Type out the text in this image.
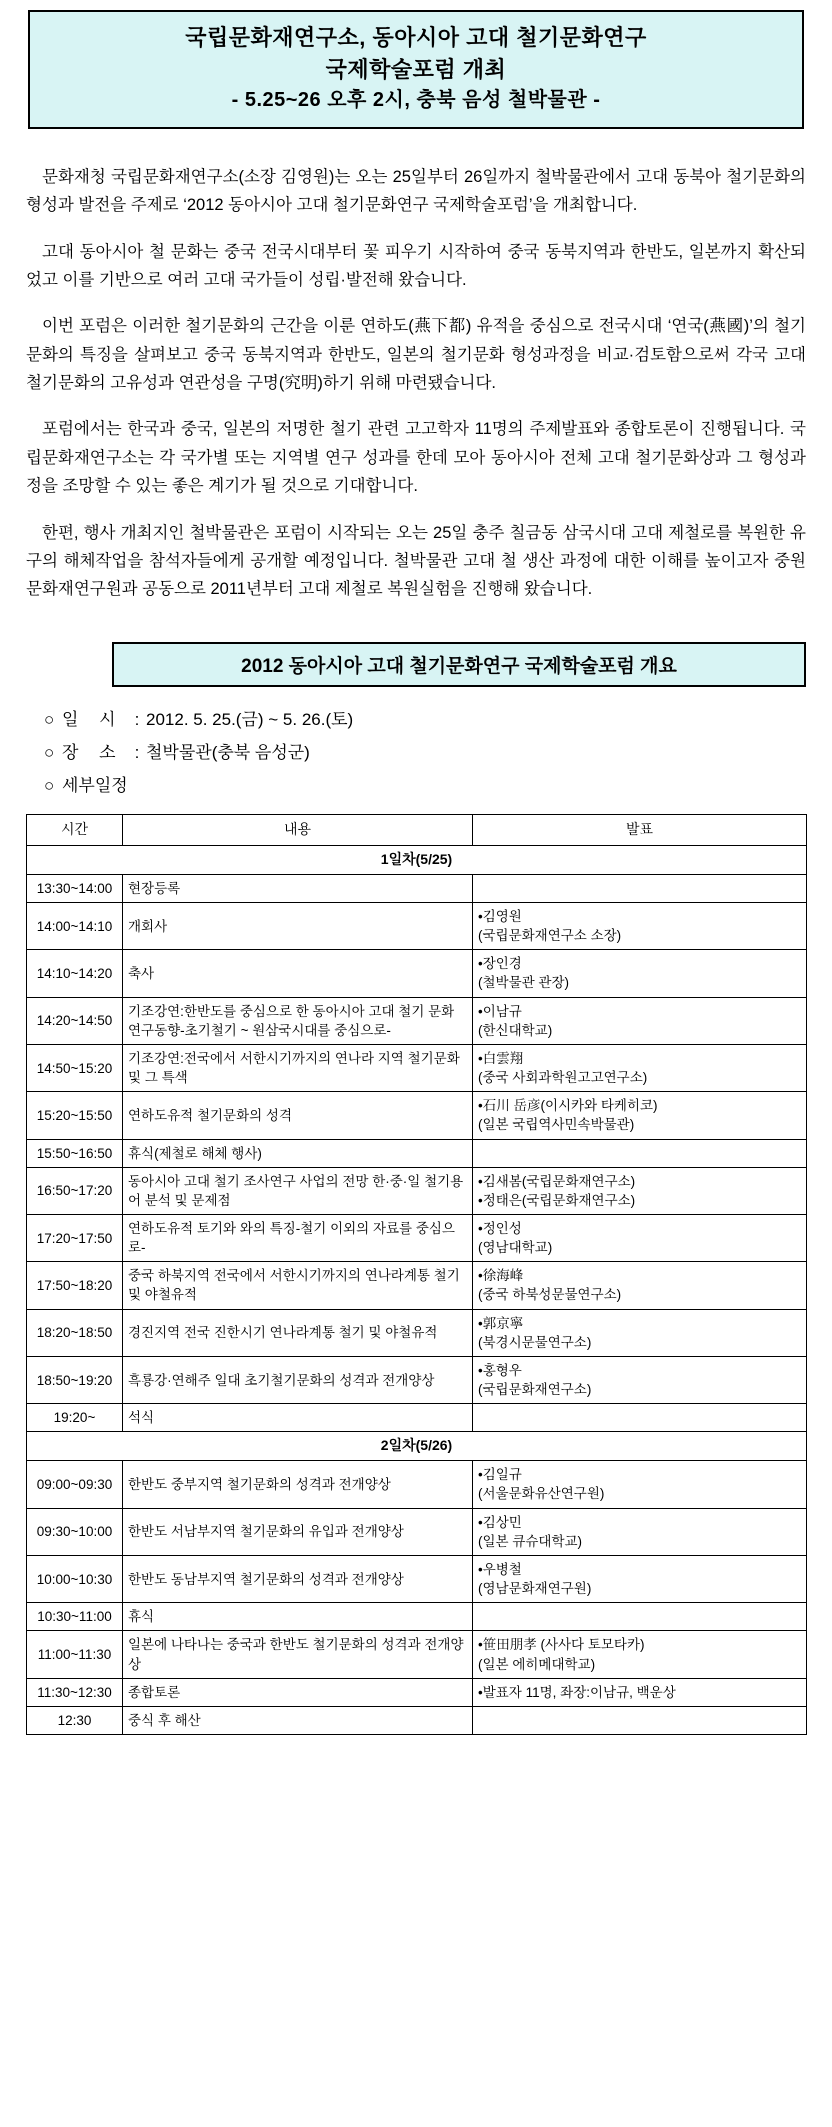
국립문화재연구소, 동아시아 고대 철기문화연구
국제학술포럼 개최
- 5.25~26 오후 2시, 충북 음성 철박물관 -

문화재청 국립문화재연구소(소장 김영원)는 오는 25일부터 26일까지 철박물관에서 고대 동북아 철기문화의 형성과 발전을 주제로 ‘2012 동아시아 고대 철기문화연구 국제학술포럼’을 개최합니다.

고대 동아시아 철 문화는 중국 전국시대부터 꽃 피우기 시작하여 중국 동북지역과 한반도, 일본까지 확산되었고 이를 기반으로 여러 고대 국가들이 성립·발전해 왔습니다.

이번 포럼은 이러한 철기문화의 근간을 이룬 연하도(燕下都) 유적을 중심으로 전국시대 ‘연국(燕國)’의 철기문화의 특징을 살펴보고 중국 동북지역과 한반도, 일본의 철기문화 형성과정을 비교·검토함으로써 각국 고대 철기문화의 고유성과 연관성을 구명(究明)하기 위해 마련됐습니다.

포럼에서는 한국과 중국, 일본의 저명한 철기 관련 고고학자 11명의 주제발표와 종합토론이 진행됩니다. 국립문화재연구소는 각 국가별 또는 지역별 연구 성과를 한데 모아 동아시아 전체 고대 철기문화상과 그 형성과정을 조망할 수 있는 좋은 계기가 될 것으로 기대합니다.

한편, 행사 개최지인 철박물관은 포럼이 시작되는 오는 25일 충주 칠금동 삼국시대 고대 제철로를 복원한 유구의 해체작업을 참석자들에게 공개할 예정입니다. 철박물관 고대 철 생산 과정에 대한 이해를 높이고자 중원문화재연구원과 공동으로 2011년부터 고대 제철로 복원실험을 진행해 왔습니다.

2012 동아시아 고대 철기문화연구 국제학술포럼 개요
○ 일 시 : 2012. 5. 25.(금) ~ 5. 26.(토)
○ 장 소 : 철박물관(충북 음성군)
○ 세부일정
시간	내용	발표
1일차(5/25)		
13:30~14:00	현장등록	
14:00~14:10	개회사	•김영원
(국립문화재연구소 소장)

14:10~14:20	축사	•장인경
(철박물관 관장)

14:20~14:50	기조강연:한반도를 중심으로 한 동아시아 고대 철기 문화 연구동향-초기철기 ~ 원삼국시대를 중심으로-	•이남규
(한신대학교)

14:50~15:20	기조강연:전국에서 서한시기까지의 연나라 지역 철기문화 및 그 특색	•白雲翔
(중국 사회과학원고고연구소)

15:20~15:50	연하도유적 철기문화의 성격	•石川 岳彦(이시카와 타케히코)
(일본 국립역사민속박물관)

15:50~16:50	휴식(제철로 해체 행사)	
16:50~17:20	동아시아 고대 철기 조사연구 사업의 전망 한·중·일 철기용어 분석 및 문제점	•김새봄(국립문화재연구소)
•정태은(국립문화재연구소)

17:20~17:50	연하도유적 토기와 와의 특징-철기 이외의 자료를 중심으로-	•정인성
(영남대학교)

17:50~18:20	중국 하북지역 전국에서 서한시기까지의 연나라계통 철기 및 야철유적	•徐海峰
(중국 하북성문물연구소)

18:20~18:50	경진지역 전국 진한시기 연나라계통 철기 및 야철유적	•郭京寧
(북경시문물연구소)

18:50~19:20	흑룡강·연해주 일대 초기철기문화의 성격과 전개양상	•홍형우
(국립문화재연구소)

19:20~	석식	
2일차(5/26)		
09:00~09:30	한반도 중부지역 철기문화의 성격과 전개양상	•김일규
(서울문화유산연구원)

09:30~10:00	한반도 서남부지역 철기문화의 유입과 전개양상	•김상민
(일본 큐슈대학교)

10:00~10:30	한반도 동남부지역 철기문화의 성격과 전개양상	•우병철
(영남문화재연구원)

10:30~11:00	휴식	
11:00~11:30	일본에 나타나는 중국과 한반도 철기문화의 성격과 전개양상	•笹田朋孝 (사사다 토모타카)
(일본 에히메대학교)

11:30~12:30	종합토론	•발표자 11명, 좌장:이남규, 백운상

12:30	중식 후 해산	
